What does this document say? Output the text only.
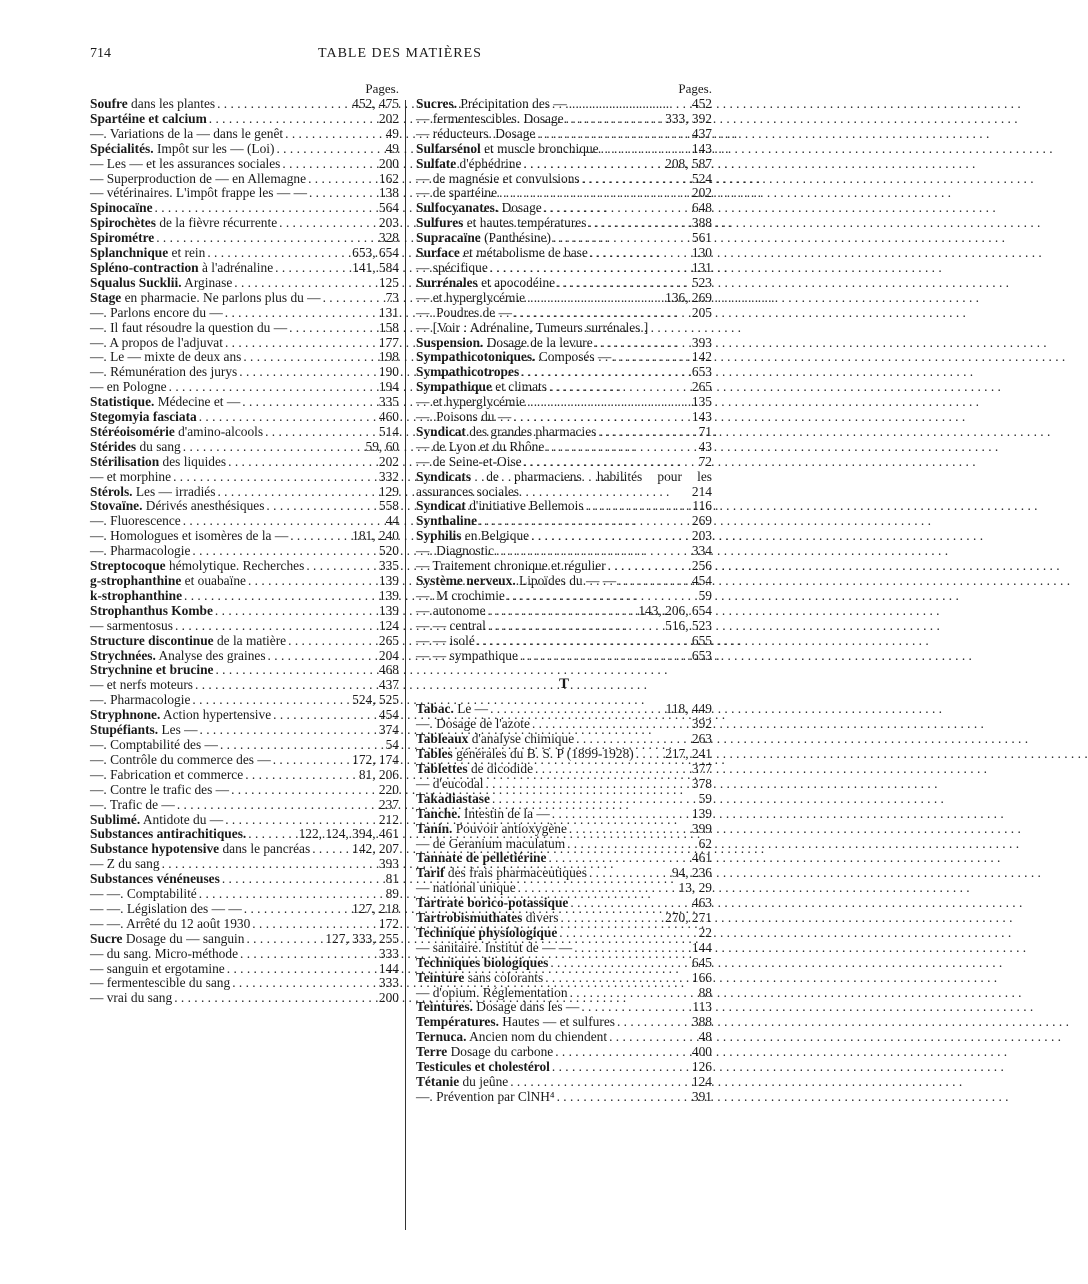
714	TABLE DES MATIÈRES
Pages.
Soufre dans les plantes . . .	452, 475
Spartéine et calcium . . .	202
—. Variations de la — dans le genêt . . .	49
Spécialités. Impôt sur les — (Loi) . . .	49
— Les — et les assurances sociales . . .	200
— Superproduction de — en Allemagne . . .	162
— vétérinaires. L'impôt frappe les — — . . .	138
Spinocaïne . . .	564
Spirochètes de la fièvre récurrente . . .	203
Spirométre . . .	328
Splanchnique et rein . . .	653, 654
Spléno-contraction à l'adrénaline . . .	141, 584
Squalus Sucklii. Arginase . . .	125
Stage en pharmacie. Ne parlons plus du — . . .	73
—. Parlons encore du — . . .	131
—. Il faut résoudre la question du — . . .	158
—. A propos de l'adjuvat . . .	177
—. Le — mixte de deux ans . . .	198
—. Rémunération des jurys . . .	190
— en Pologne . . .	194
Statistique. Médecine et — . . .	335
Stegomyia fasciata . . .	460
Stéréoisomérie d'amino-alcools . . .	514
Stérides du sang . . .	59, 60
Stérilisation des liquides . . .	202
— et morphine . . .	332
Stérols. Les — irradiés . . .	129
Stovaïne. Dérivés anesthésiques . . .	558
—. Fluorescence . . .	44
—. Homologues et isomères de la — . . .	181, 240
—. Pharmacologie . . .	520
Streptocoque hémolytique. Recherches . . .	335
g-strophanthine et ouabaïne . . .	139
k-strophanthine . . .	139
Strophanthus Kombe . . .	139
— sarmentosus . . .	124
Structure discontinue de la matière . . .	265
Strychnées. Analyse des graines . . .	204
Strychnine et brucine . . .	468
— et nerfs moteurs . . .	437
—. Pharmacologie . . .	524, 525
Stryphnone. Action hypertensive . . .	454
Stupéfiants. Les — . . .	374
—. Comptabilité des — . . .	54
—. Contrôle du commerce des — . . .	172, 174
—. Fabrication et commerce . . .	81, 206
—. Contre le trafic des — . . .	220
—. Trafic de — . . .	237
Sublimé. Antidote du — . . .	212
Substances antirachitiques. . . .	122, 124, 394, 461
Substance hypotensive dans le pancréas . . .	142, 207
— Z du sang . . .	393
Substances vénéneuses . . .	81
— —. Comptabilité . . .	89
— —. Législation des — — . . .	127, 218
— —. Arrêté du 12 août 1930 . . .	172
Sucre Dosage du — sanguin . . .	127, 333, 255
— du sang. Micro-méthode . . .	333
— sanguin et ergotamine . . .	144
— fermentescible du sang . . .	333
— vrai du sang . . .	200
Pages.
Sucres. Précipitation des — . . .	452
— fermentescibles. Dosage . . .	333, 392
— réducteurs. Dosage . . .	437
Sulfarsénol et muscle bronchique . . .	143
Sulfate d'éphédrine . . .	208, 587
— de magnésie et convulsions . . .	524
— de spartéine . . .	202
Sulfocyanates. Dosage . . .	648
Sulfures et hautes températures . . .	388
Supracaïne (Panthésine) . . .	561
Surface et métabolisme de base . . .	130
— spécifique . . .	131
Surrénales et apocodéine . . .	523
— et hyperglycémie . . .	136, 269
—. Poudres de — . . .	205
— [Voir : Adrénaline, Tumeurs surrénales.]
Suspension. Dosage de la levure . . .	393
Sympathicotoniques. Composés — . . .	142
Sympathicotropes . . .	653
Sympathique et climats . . .	265
— et hyperglycémie . . .	135
—. Poisons du — . . .	143
Syndicat des grandes pharmacies . . .	71
— de Lyon et du Rhône . . .	43
— de Seine-et-Oise . . .	72
Syndicats de pharmaciens habilités pour les assurances sociales	214
Syndicat d'initiative Bellemois . . .	116
Synthaline . . .	269
Syphilis en Belgique . . .	203
—. Diagnostic . . .	334
— Traitement chronique et régulier . . .	256
Système nerveux. Lipoïdes du — — . . .	454
—. M crochimie . . .	59
— autonome . . .	143, 206, 654
— — central . . .	516, 523
— — isolé . . .	655
— — sympathique . . .	653
T
Tabac. Le — . . .	118, 449
—. Dosage de l'azote . . .	392
Tableaux d'analyse chimique . . .	263
Tables générales du B. S. P (1899-1928) . . . 217, 241
Tablettes de dicodide . . .	377
— d'eucodal . . .	378
Takadiastase . . .	59
Tanche. Intestin de la — . . .	139
Tanin. Pouvoir antioxygène . . .	399
— de Geranium maculatum . . .	62
Tannate de pelletiérine . . .	461
Tarif des frais pharmaceutiques . . .	94, 236
— national unique . . .	13, 29
Tartrate borico-potassique . . .	463
Tartrobismuthates divers . . .	270, 271
Technique physiologique . . .	22
— sanitaire. Institut de — — . . .	144
Techniques biologiques . . .	645
Teinture sans colorants . . .	166
— d'opium. Réglementation . . .	88
Teintures. Dosage dans les — . . .	113
Températures. Hautes — et sulfures . . .	388
Ternuca. Ancien nom du chiendent . . .	48
Terre Dosage du carbone . . .	400
Testicules et cholestérol . . .	126
Tétanie du jeûne . . .	124
—. Prévention par ClNH⁴ . . .	391
